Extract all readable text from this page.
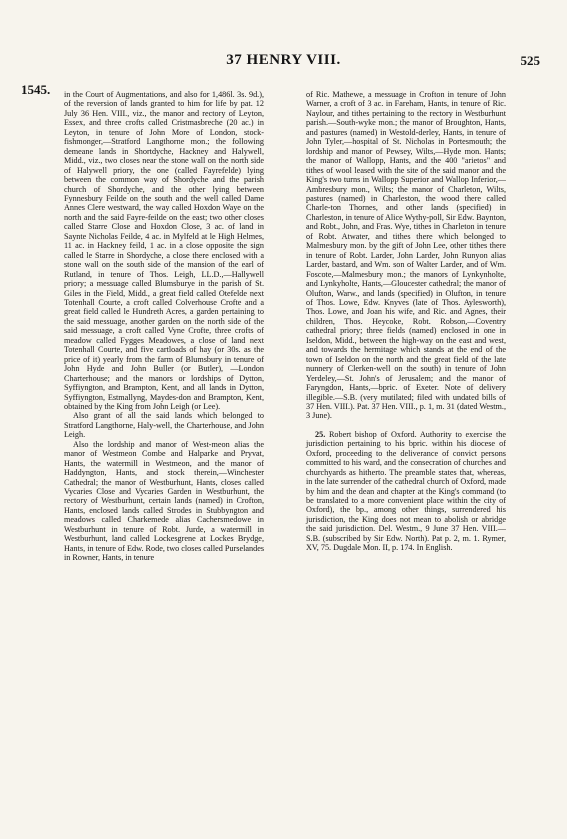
37 HENRY VIII.	525
1545. in the Court of Augmentations, and also for 1,486l. 3s. 9d.), of the reversion of lands granted to him for life by pat. 12 July 36 Hen. VIII., viz., the manor and rectory of Leyton, Essex, and three crofts called Cristmasbreche (20 ac.) in Leyton, in tenure of John More of London, stock-fishmonger,—Stratford Langthorne mon.; the following demeane lands in Shortdyche, Hackney and Halywell, Midd., viz., two closes near the stone wall on the north side of Halywell priory, the one (called Fayrefelde) lying between the common way of Shordyche and the parish church of Shordyche, and the other lying between Fynnesbury Feilde on the south and the well called Dame Annes Clere westward, the way called Hoxdon Waye on the north and the said Fayre-feilde on the east; two other closes called Starre Close and Hoxdon Close, 3 ac. of land in Saynte Nicholas Feilde, 4 ac. in Mylfeld at le High Helmes, 11 ac. in Hackney feild, 1 ac. in a close opposite the sign called le Starre in Shordyche, a close there enclosed with a stone wall on the south side of the mansion of the earl of Rutland, in tenure of Thos. Leigh, LL.D.,—Hallywell priory; a messuage called Blumsburye in the parish of St. Giles in the Field, Midd., a great field called Otefelde next Totenhall Courte, a croft called Colverhouse Crofte and a great field called le Hundreth Acres, a garden pertaining to the said messuage, another garden on the north side of the said messuage, a croft called Vyne Crofte, three crofts of meadow called Fygges Meadowes, a close of land next Totenhall Courte, and five cartloads of hay (or 30s. as the price of it) yearly from the farm of Blumsbury in tenure of John Hyde and John Buller (or Butler), —London Charterhouse; and the manors or lordships of Dytton, Syffiyngton, and Brampton, Kent, and all lands in Dytton, Syffiyngton, Estmallyng, Maydes-don and Brampton, Kent, obtained by the King from John Leigh (or Lee).

Also grant of all the said lands which belonged to Stratford Langthorne, Haly-well, the Charterhouse, and John Leigh.

Also the lordship and manor of West-meon alias the manor of Westmeon Combe and Halparke and Pryvat, Hants, the watermill in Westmeon, and the manor of Haddyngton, Hants, and stock therein,—Winchester Cathedral; the manor of Westburhunt, Hants, closes called Vycaries Close and Vycaries Garden in Westburhunt, the rectory of Westburhunt, certain lands (named) in Crofton, Hants, enclosed lands called Strodes in Stubbyngton and meadows called Charkemede alias Cachersmedowe in Westburhunt in tenure of Robt. Jurde, a watermill in Westburhunt, land called Lockesgrene at Lockes Brydge, Hants, in tenure of Edw. Rode, two closes called Purselandes in Rowner, Hants, in tenure

of Ric. Mathewe, a messuage in Crofton in tenure of John Warner, a croft of 3 ac. in Fareham, Hants, in tenure of Ric. Naylour, and tithes pertaining to the rectory in Westburhunt parish.—South-wyke mon.; the manor of Broughton, Hants, and pastures (named) in Westold-derley, Hants, in tenure of John Tyler,—hospital of St. Nicholas in Portesmouth; the lordship and manor of Pewsey, Wilts,—Hyde mon. Hants; the manor of Wallopp, Hants, and the 400 "arietos" and tithes of wool leased with the site of the said manor and the King's two turns in Wallopp Superior and Wallop Inferior,—Ambresbury mon., Wilts; the manor of Charleton, Wilts, pastures (named) in Charleston, the wood there called Charle-ton Thornes, and other lands (specified) in Charleston, in tenure of Alice Wythy-poll, Sir Edw. Baynton, and Robt., John, and Fras. Wye, tithes in Charleton in tenure of Robt. Atwater, and tithes there which belonged to Malmesbury mon. by the gift of John Lee, other tithes there in tenure of Robt. Larder, John Larder, John Runyon alias Larder, bastard, and Wm. son of Walter Larder, and of Wm. Foscote,—Malmesbury mon.; the manors of Lynkynholte, and Lynkyholte, Hants,—Gloucester cathedral; the manor of Olufton, Warw., and lands (specified) in Olufton, in tenure of Thos. Lowe, Edw. Knyves (late of Thos. Aylesworth), Thos. Lowe, and Joan his wife, and Ric. and Agnes, their children, Thos. Heycoke, Robt. Robson,—Coventry cathedral priory; three fields (named) enclosed in one in Iseldon, Midd., between the high-way on the east and west, and towards the hermitage which stands at the end of the town of Iseldon on the north and the great field of the late nunnery of Clerken-well on the south) in tenure of John Yerdeley,—St. John's of Jerusalem; and the manor of Faryngdon, Hants,—bpric. of Exeter. Note of delivery illegible.—S.B. (very mutilated; filed with undated bills of 37 Hen. VIII.). Pat. 37 Hen. VIII., p. 1, m. 31 (dated Westm., 3 June).

25. Robert bishop of Oxford. Authority to exercise the jurisdiction pertaining to his bpric. within his diocese of Oxford, proceeding to the deliverance of convict persons committed to his ward, and the consecration of churches and churchyards as hitherto. The preamble states that, whereas, in the late surrender of the cathedral church of Oxford, made by him and the dean and chapter at the King's command (to be translated to a more convenient place within the city of Oxford), the bp., among other things, surrendered his jurisdiction, the King does not mean to abolish or abridge the said jurisdiction. Del. Westm., 9 June 37 Hen. VIII.—S.B. (subscribed by Sir Edw. North). Pat p. 2, m. 1. Rymer, XV, 75. Dugdale Mon. II, p. 174. In English.
